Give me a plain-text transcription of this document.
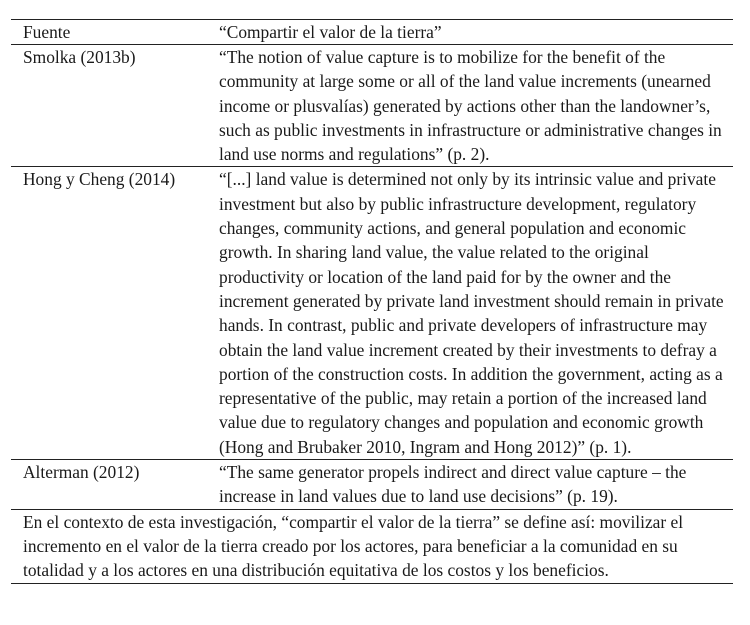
Fuente	“Compartir el valor de la tierra”
Smolka (2013b)	“The notion of value capture is to mobilize for the benefit of the community at large some or all of the land value increments (unearned income or plusvalías) generated by actions other than the landowner’s, such as public investments in infrastructure or administrative changes in land use norms and regulations” (p. 2).
Hong y Cheng (2014)	“[...] land value is determined not only by its intrinsic value and private investment but also by public infrastructure development, regulatory changes, community actions, and general population and economic growth. In sharing land value, the value related to the original productivity or location of the land paid for by the owner and the increment generated by private land investment should remain in private hands. In contrast, public and private developers of infrastructure may obtain the land value increment created by their investments to defray a portion of the construction costs. In addition the government, acting as a representative of the public, may retain a portion of the increased land value due to regulatory changes and population and economic growth (Hong and Brubaker 2010, Ingram and Hong 2012)” (p. 1).
Alterman (2012)	“The same generator propels indirect and direct value capture – the increase in land values due to land use decisions” (p. 19).
En el contexto de esta investigación, “compartir el valor de la tierra” se define así: movilizar el incremento en el valor de la tierra creado por los actores, para beneficiar a la comunidad en su totalidad y a los actores en una distribución equitativa de los costos y los beneficios.	
